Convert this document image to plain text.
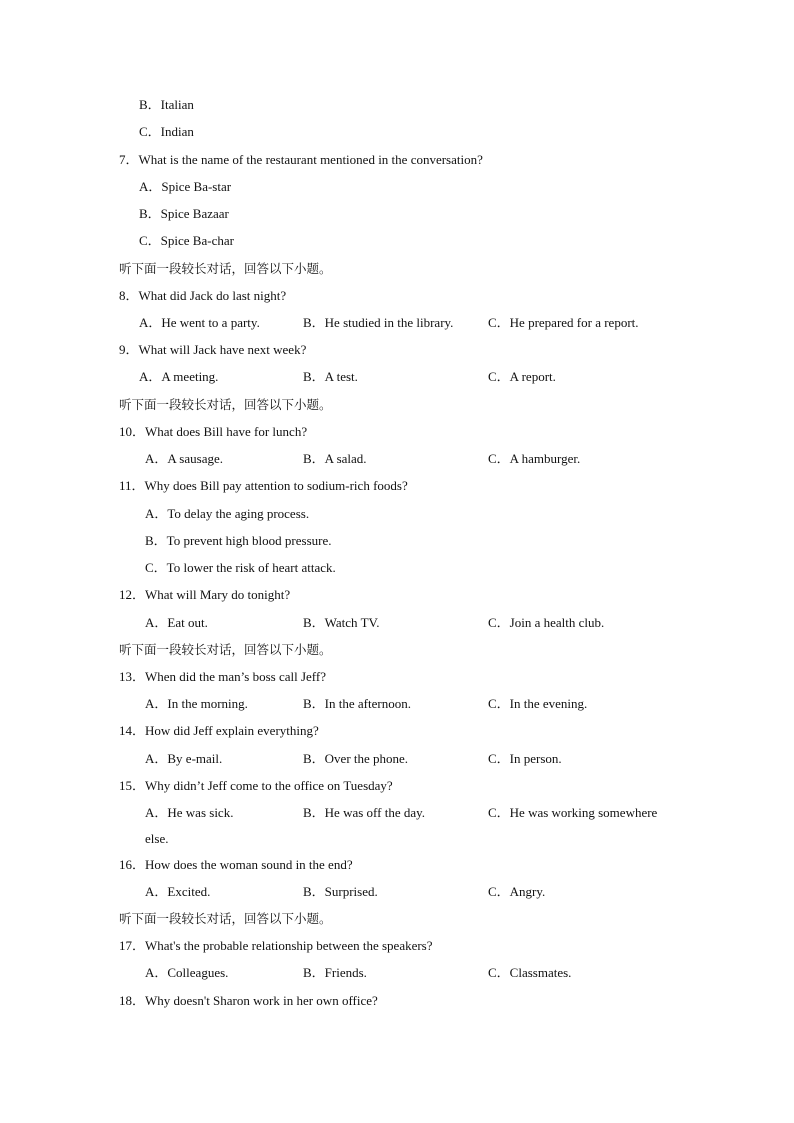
B．Italian
C．Indian
7．What is the name of the restaurant mentioned in the conversation?
A．Spice Ba-star
B．Spice Bazaar
C．Spice Ba-char
听下面一段较长对话，回答以下小题。
8．What did Jack do last night?
A．He went to a party.	B．He studied in the library.	C．He prepared for a report.
9．What will Jack have next week?
A．A meeting.	B．A test.	C．A report.
听下面一段较长对话，回答以下小题。
10．What does Bill have for lunch?
A．A sausage.	B．A salad.	C．A hamburger.
11．Why does Bill pay attention to sodium-rich foods?
A．To delay the aging process.
B．To prevent high blood pressure.
C．To lower the risk of heart attack.
12．What will Mary do tonight?
A．Eat out.	B．Watch TV.	C．Join a health club.
听下面一段较长对话，回答以下小题。
13．When did the man’s boss call Jeff?
A．In the morning.	B．In the afternoon.	C．In the evening.
14．How did Jeff explain everything?
A．By e-mail.	B．Over the phone.	C．In person.
15．Why didn’t Jeff come to the office on Tuesday?
A．He was sick.	B．He was off the day.	C．He was working somewhere
else.
16．How does the woman sound in the end?
A．Excited.	B．Surprised.	C．Angry.
听下面一段较长对话，回答以下小题。
17．What's the probable relationship between the speakers?
A．Colleagues.	B．Friends.	C．Classmates.
18．Why doesn't Sharon work in her own office?
